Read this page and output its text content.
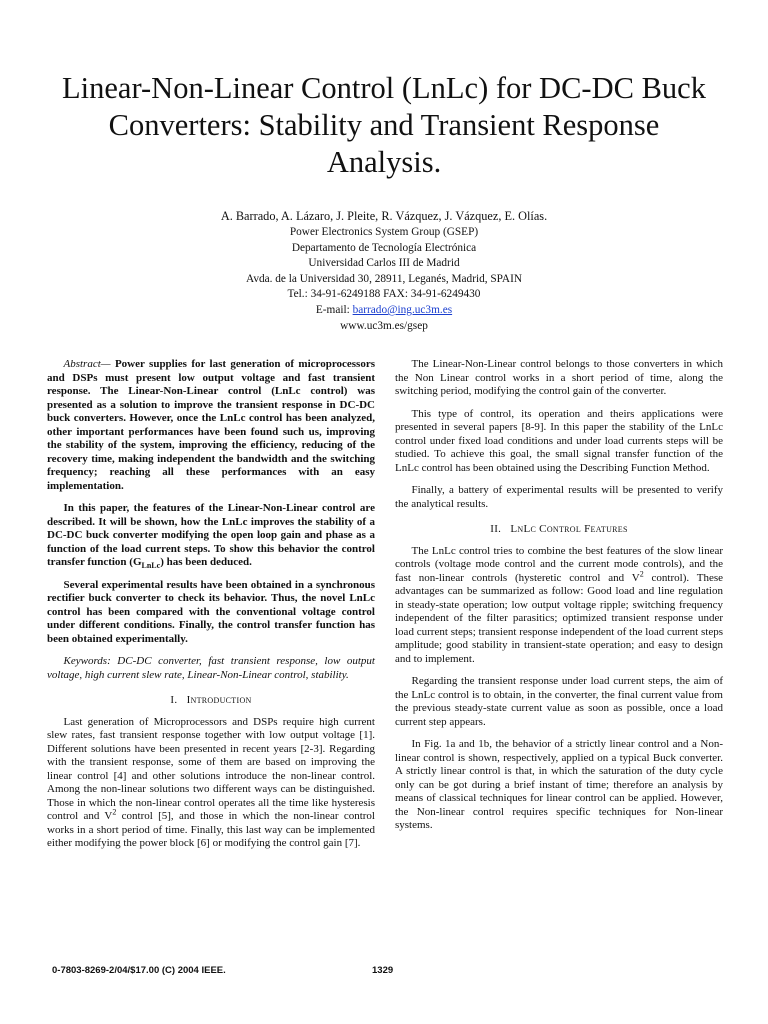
Linear-Non-Linear Control (LnLc) for DC-DC Buck Converters: Stability and Transient Response Analysis.
A. Barrado, A. Lázaro, J. Pleite, R. Vázquez, J. Vázquez, E. Olías.
Power Electronics System Group (GSEP)
Departamento de Tecnología Electrónica
Universidad Carlos III de Madrid
Avda. de la Universidad 30, 28911, Leganés, Madrid, SPAIN
Tel.: 34-91-6249188 FAX: 34-91-6249430
E-mail: barrado@ing.uc3m.es
www.uc3m.es/gsep

Abstract— Power supplies for last generation of microprocessors and DSPs must present low output voltage and fast transient response. The Linear-Non-Linear control (LnLc control) was presented as a solution to improve the transient response in DC-DC buck converters. However, once the LnLc control has been analyzed, other important performances have been found such us, improving the stability of the system, improving the efficiency, reducing of the recovery time, making independent the bandwidth and the switching frequency; reaching all these performances with an easy implementation.

In this paper, the features of the Linear-Non-Linear control are described. It will be shown, how the LnLc improves the stability of a DC-DC buck converter modifying the open loop gain and phase as a function of the load current steps. To show this behavior the control transfer function $(G_{LnLc})$ has been deduced.

Several experimental results have been obtained in a synchronous rectifier buck converter to check its behavior. Thus, the novel LnLc control has been compared with the conventional voltage control under different conditions. Finally, the control transfer function has been obtained experimentally.

Keywords: DC-DC converter, fast transient response, low output voltage, high current slew rate, Linear-Non-Linear control, stability.

I. Introduction

Last generation of Microprocessors and DSPs require high current slew rates, fast transient response together with low output voltage [1]. Different solutions have been presented in recent years [2-3]. Regarding with the transient response, some of them are based on improving the linear control [4] and other solutions introduce the non-linear control. Among the non-linear solutions two different ways can be distinguished. Those in which the non-linear control operates all the time like hysteresis control and $V^2$ control [5], and those in which the non-linear control works in a short period of time. Finally, this last way can be implemented either modifying the power block [6] or modifying the control gain [7].

The Linear-Non-Linear control belongs to those converters in which the Non Linear control works in a short period of time, along the switching period, modifying the control gain of the converter.

This type of control, its operation and theirs applications were presented in several papers [8-9]. In this paper the stability of the LnLc control under fixed load conditions and under load currents steps will be studied. To achieve this goal, the small signal transfer function of the LnLc control has been obtained using the Describing Function Method.

Finally, a battery of experimental results will be presented to verify the analytical results.

II. LnLc Control Features

The LnLc control tries to combine the best features of the slow linear controls (voltage mode control and the current mode controls), and the fast non-linear controls (hysteretic control and $V^2$ control). These advantages can be summarized as follow: Good load and line regulation in steady-state operation; low output voltage ripple; switching frequency independent of the filter parasitics; optimized transient response under load current steps; transient response independent of the load current steps amplitude; good stability in transient-state operation; and easy to design and to implement.

Regarding the transient response under load current steps, the aim of the LnLc control is to obtain, in the converter, the final current value from the previous steady-state current value as soon as possible, once a load current step appears.

In Fig. 1a and 1b, the behavior of a strictly linear control and a Non-linear control is shown, respectively, applied on a typical Buck converter. A strictly linear control is that, in which the saturation of the duty cycle only can be got during a brief instant of time; therefore an analysis by means of classical techniques for linear control can be applied. However, the Non-linear control requires specific techniques for Non-linear systems.

0-7803-8269-2/04/$17.00 (C) 2004 IEEE.	1329
